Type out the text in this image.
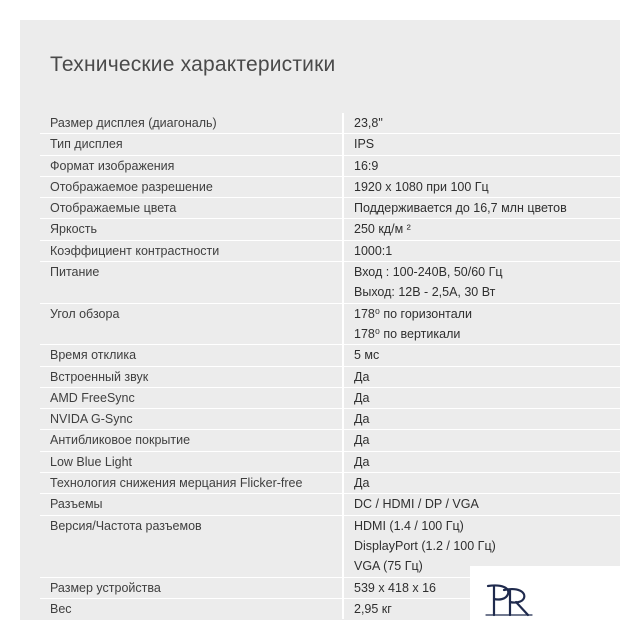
Технические характеристики
Размер дисплея (диагональ)	23,8"
Тип дисплея	IPS
Формат изображения	16:9
Отображаемое разрешение	1920 x 1080 при 100 Гц
Отображаемые цвета	Поддерживается до 16,7 млн цветов
Яркость	250 кд/м ²
Коэффициент контрастности	1000:1
Питание	Вход : 100-240В, 50/60 Гц
Выход: 12В - 2,5А, 30 Вт
Угол обзора	178⁰ по горизонтали
178⁰ по вертикали
Время отклика	5 мс
Встроенный звук	Да
AMD FreeSync	Да
NVIDA G-Sync	Да
Антибликовое покрытие	Да
Low Blue Light	Да
Технология снижения мерцания Flicker-free	Да
Разъемы	DC / HDMI / DP / VGA
Версия/Частота разъемов	HDMI (1.4 / 100 Гц)
DisplayPort (1.2 / 100 Гц)
VGA (75 Гц)
Размер устройства	539 x 418 x 16
Вес	2,95 кг
